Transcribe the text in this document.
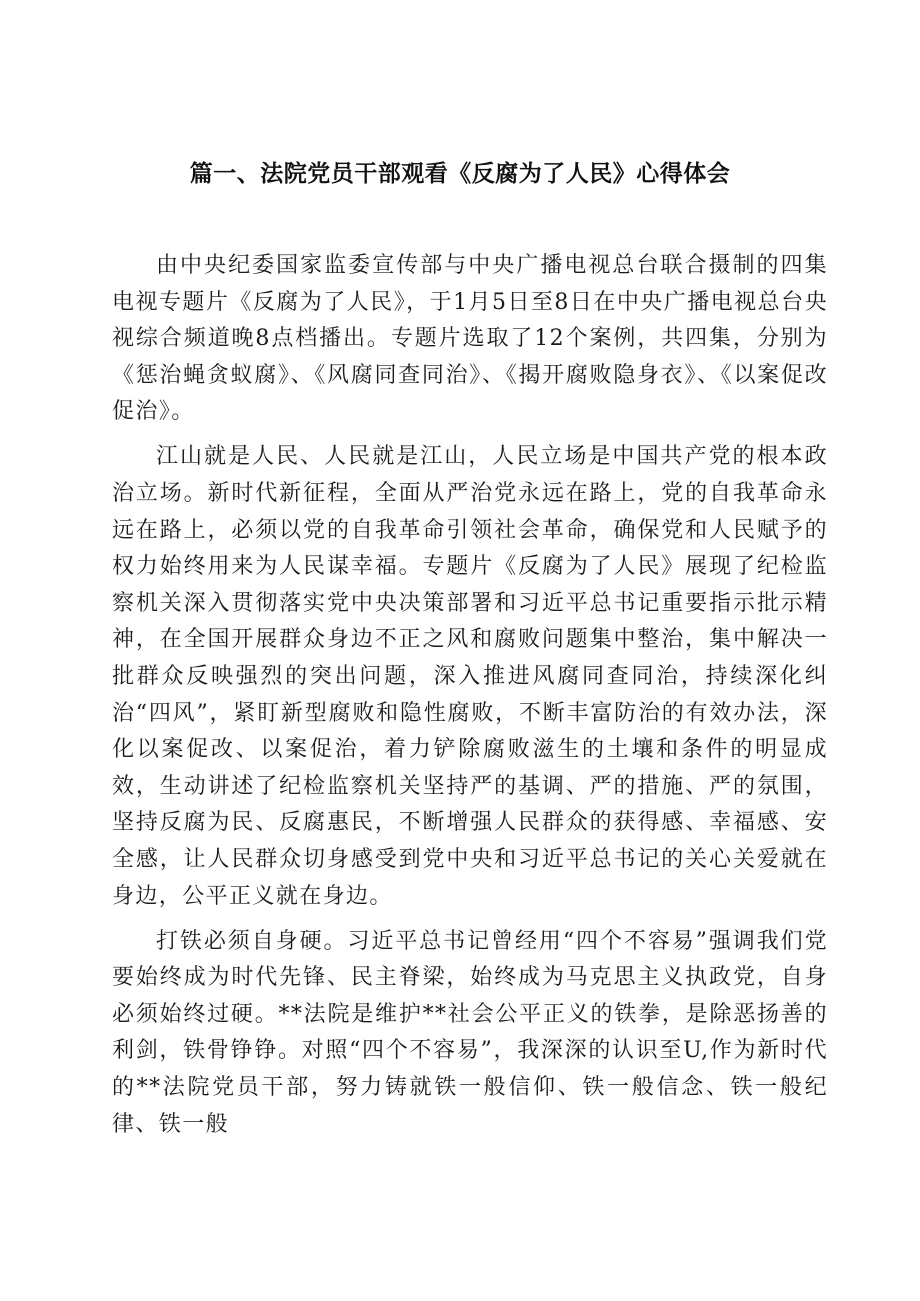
篇一、法院党员干部观看《反腐为了人民》心得体会

由中央纪委国家监委宣传部与中央广播电视总台联合摄制的四集电视专题片《反腐为了人民》，于1月5日至8日在中央广播电视总台央视综合频道晚8点档播出。专题片选取了12个案例，共四集，分别为《惩治蝇贪蚁腐》、《风腐同查同治》、《揭开腐败隐身衣》、《以案促改促治》。

江山就是人民、人民就是江山，人民立场是中国共产党的根本政治立场。新时代新征程，全面从严治党永远在路上，党的自我革命永远在路上，必须以党的自我革命引领社会革命，确保党和人民赋予的权力始终用来为人民谋幸福。专题片《反腐为了人民》展现了纪检监察机关深入贯彻落实党中央决策部署和习近平总书记重要指示批示精神，在全国开展群众身边不正之风和腐败问题集中整治，集中解决一批群众反映强烈的突出问题，深入推进风腐同查同治，持续深化纠治“四风”，紧盯新型腐败和隐性腐败，不断丰富防治的有效办法，深化以案促改、以案促治，着力铲除腐败滋生的土壤和条件的明显成效，生动讲述了纪检监察机关坚持严的基调、严的措施、严的氛围，坚持反腐为民、反腐惠民，不断增强人民群众的获得感、幸福感、安全感，让人民群众切身感受到党中央和习近平总书记的关心关爱就在身边，公平正义就在身边。

打铁必须自身硬。习近平总书记曾经用“四个不容易”强调我们党要始终成为时代先锋、民主脊梁，始终成为马克思主义执政党，自身必须始终过硬。**法院是维护**社会公平正义的铁拳，是除恶扬善的利剑，铁骨铮铮。对照“四个不容易”，我深深的认识至U,作为新时代的**法院党员干部，努力铸就铁一般信仰、铁一般信念、铁一般纪律、铁一般
